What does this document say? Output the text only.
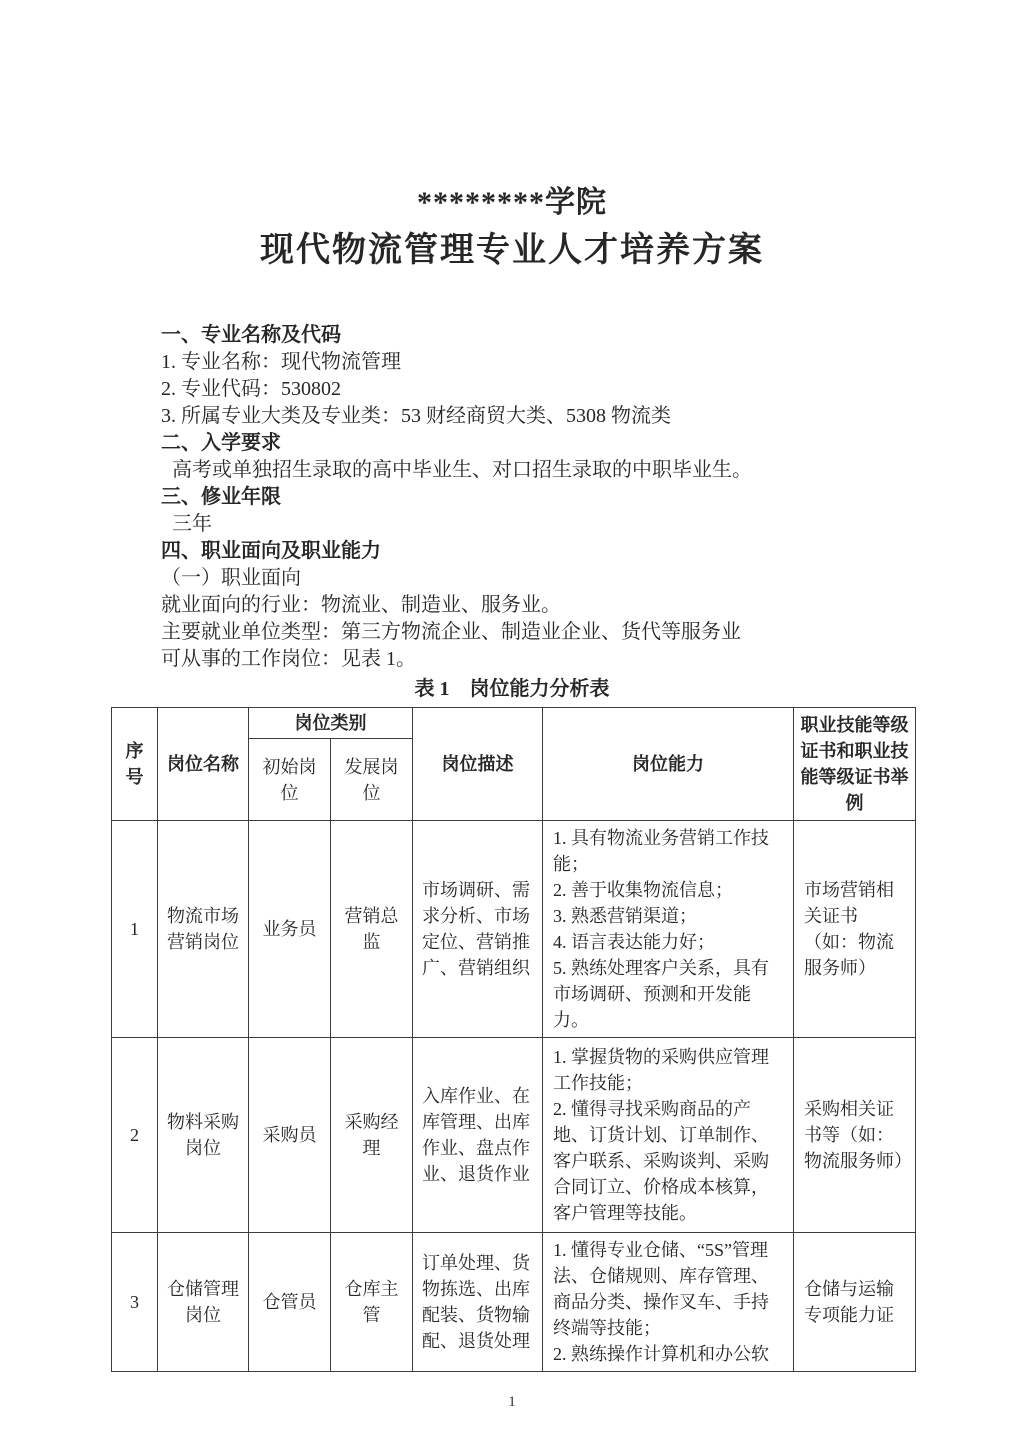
********学院
现代物流管理专业人才培养方案

一、专业名称及代码

1. 专业名称：现代物流管理

2. 专业代码：530802

3. 所属专业大类及专业类：53 财经商贸大类、5308 物流类

二、入学要求

高考或单独招生录取的高中毕业生、对口招生录取的中职毕业生。

三、修业年限

三年

四、职业面向及职业能力

（一）职业面向

就业面向的行业：物流业、制造业、服务业。

主要就业单位类型：第三方物流企业、制造业企业、货代等服务业

可从事的工作岗位：见表 1。

表 1　岗位能力分析表
序号	岗位名称	岗位类别		岗位描述	岗位能力	职业技能等级证书和职业技能等级证书举例
		初始岗位	发展岗位			
1	物流市场营销岗位	业务员	营销总监	市场调研、需求分析、市场定位、营销推广、营销组织	1. 具有物流业务营销工作技能；
2. 善于收集物流信息；
3. 熟悉营销渠道；
4. 语言表达能力好；
5. 熟练处理客户关系，具有市场调研、预测和开发能力。	市场营销相关证书（如：物流服务师）
2	物料采购岗位	采购员	采购经理	入库作业、在库管理、出库作业、盘点作业、退货作业	1. 掌握货物的采购供应管理工作技能；
2. 懂得寻找采购商品的产地、订货计划、订单制作、客户联系、采购谈判、采购合同订立、价格成本核算，客户管理等技能。	采购相关证书等（如：物流服务师）
3	仓储管理岗位	仓管员	仓库主管	订单处理、货物拣选、出库配装、货物输配、退货处理	1. 懂得专业仓储、“5S”管理法、仓储规则、库存管理、商品分类、操作叉车、手持终端等技能；
2. 熟练操作计算机和办公软	仓储与运输专项能力证
1
